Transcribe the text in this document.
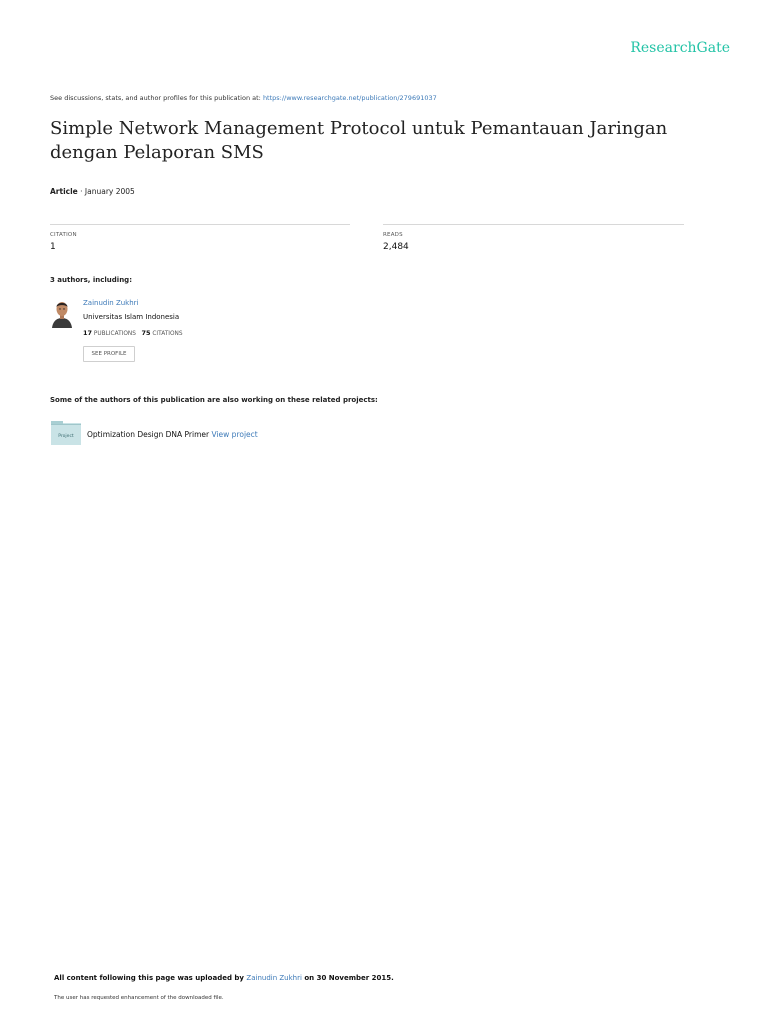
ResearchGate
See discussions, stats, and author profiles for this publication at: https://www.researchgate.net/publication/279691037
Simple Network Management Protocol untuk Pemantauan Jaringan dengan Pelaporan SMS
Article · January 2005
CITATION
1
READS
2,484
3 authors, including:
Zainudin Zukhri
Universitas Islam Indonesia
17 PUBLICATIONS 75 CITATIONS
SEE PROFILE
Some of the authors of this publication are also working on these related projects:
Project Optimization Design DNA Primer View project
All content following this page was uploaded by Zainudin Zukhri on 30 November 2015.
The user has requested enhancement of the downloaded file.
